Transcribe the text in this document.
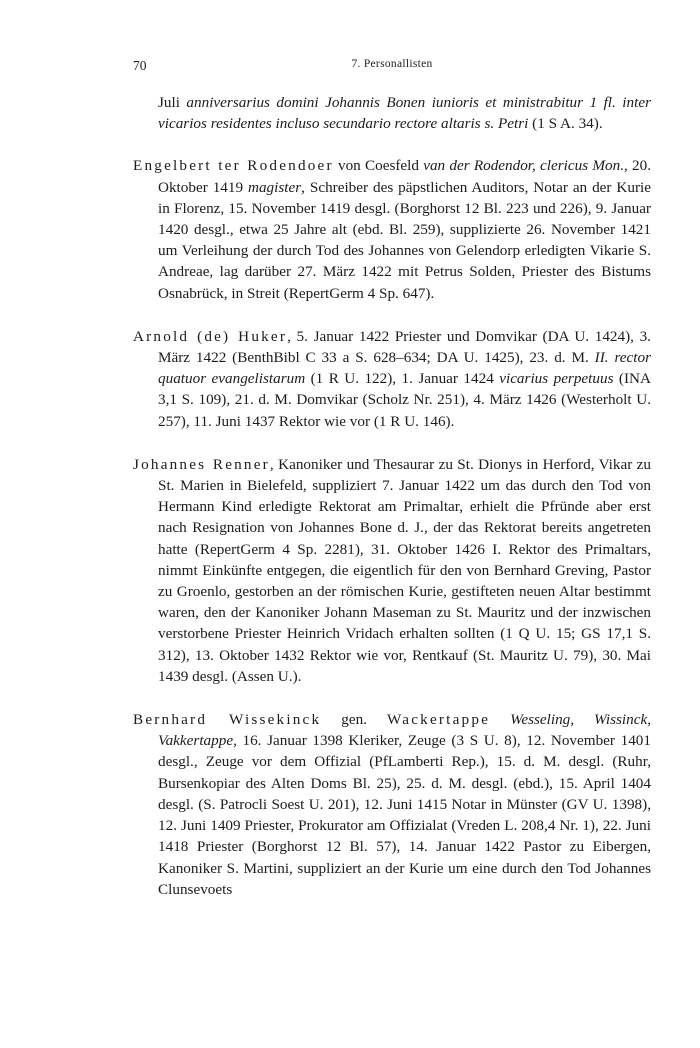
70	7. Personallisten

Juli anniversarius domini Johannis Bonen iunioris et ministrabitur 1 fl. inter vicarios residentes incluso secundario rectore altaris s. Petri (1 S A. 34).

Engelbert ter Rodendoer von Coesfeld van der Rodendor, clericus Mon., 20. Oktober 1419 magister, Schreiber des päpstlichen Auditors, Notar an der Kurie in Florenz, 15. November 1419 desgl. (Borghorst 12 Bl. 223 und 226), 9. Januar 1420 desgl., etwa 25 Jahre alt (ebd. Bl. 259), supplizierte 26. November 1421 um Verleihung der durch Tod des Johannes von Gelendorp erledigten Vikarie S. Andreae, lag darüber 27. März 1422 mit Petrus Solden, Priester des Bistums Osnabrück, in Streit (RepertGerm 4 Sp. 647).

Arnold (de) Huker, 5. Januar 1422 Priester und Domvikar (DA U. 1424), 3. März 1422 (BenthBibl C 33 a S. 628–634; DA U. 1425), 23. d. M. II. rector quatuor evangelistarum (1 R U. 122), 1. Januar 1424 vicarius perpetuus (INA 3,1 S. 109), 21. d. M. Domvikar (Scholz Nr. 251), 4. März 1426 (Westerholt U. 257), 11. Juni 1437 Rektor wie vor (1 R U. 146).

Johannes Renner, Kanoniker und Thesaurar zu St. Dionys in Herford, Vikar zu St. Marien in Bielefeld, suppliziert 7. Januar 1422 um das durch den Tod von Hermann Kind erledigte Rektorat am Primaltar, erhielt die Pfründe aber erst nach Resignation von Johannes Bone d. J., der das Rektorat bereits angetreten hatte (RepertGerm 4 Sp. 2281), 31. Oktober 1426 I. Rektor des Primaltars, nimmt Einkünfte entgegen, die eigentlich für den von Bernhard Greving, Pastor zu Groenlo, gestorben an der römischen Kurie, gestifteten neuen Altar bestimmt waren, den der Kanoniker Johann Maseman zu St. Mauritz und der inzwischen verstorbene Priester Heinrich Vridach erhalten sollten (1 Q U. 15; GS 17,1 S. 312), 13. Oktober 1432 Rektor wie vor, Rentkauf (St. Mauritz U. 79), 30. Mai 1439 desgl. (Assen U.).

Bernhard Wissekinck gen. Wackertappe Wesseling, Wissinck, Vakkertappe, 16. Januar 1398 Kleriker, Zeuge (3 S U. 8), 12. November 1401 desgl., Zeuge vor dem Offizial (PfLamberti Rep.), 15. d. M. desgl. (Ruhr, Bursenkopiar des Alten Doms Bl. 25), 25. d. M. desgl. (ebd.), 15. April 1404 desgl. (S. Patrocli Soest U. 201), 12. Juni 1415 Notar in Münster (GV U. 1398), 12. Juni 1409 Priester, Prokurator am Offizialat (Vreden L. 208,4 Nr. 1), 22. Juni 1418 Priester (Borghorst 12 Bl. 57), 14. Januar 1422 Pastor zu Eibergen, Kanoniker S. Martini, suppliziert an der Kurie um eine durch den Tod Johannes Clunsevoets
